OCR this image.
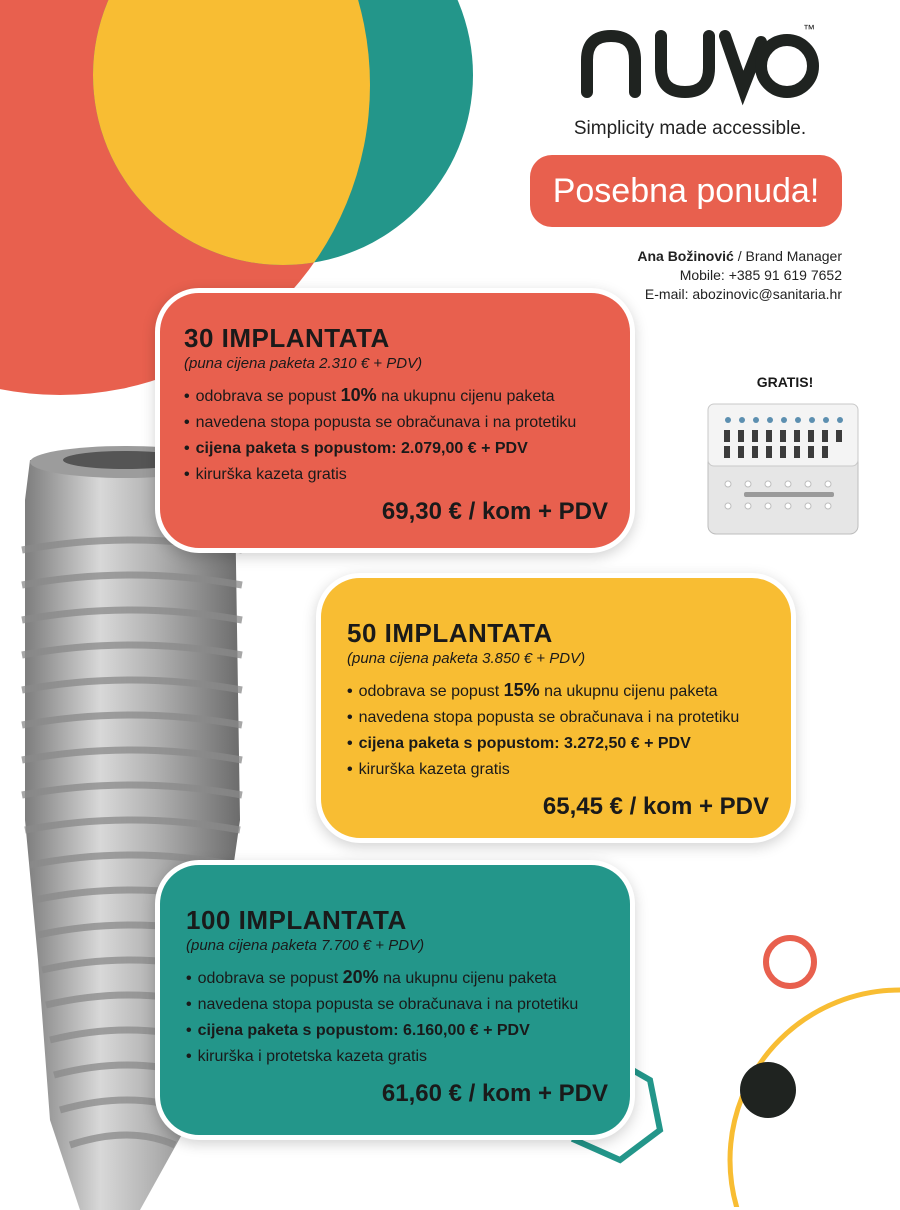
™
Simplicity made accessible.
Posebna ponuda!
Ana Božinović / Brand Manager
Mobile: +385 91 619 7652
E-mail: abozinovic@sanitaria.hr
GRATIS!
30 IMPLANTATA
(puna cijena paketa 2.310 € + PDV)
• odobrava se popust 10% na ukupnu cijenu paketa
• navedena stopa popusta se obračunava i na protetiku
• cijena paketa s popustom: 2.079,00 € + PDV
• kirurška kazeta gratis
69,30 € / kom + PDV
50 IMPLANTATA
(puna cijena paketa 3.850 € + PDV)
• odobrava se popust 15% na ukupnu cijenu paketa
• navedena stopa popusta se obračunava i na protetiku
• cijena paketa s popustom: 3.272,50 € + PDV
• kirurška kazeta gratis
65,45 € / kom + PDV
100 IMPLANTATA
(puna cijena paketa 7.700 € + PDV)
• odobrava se popust 20% na ukupnu cijenu paketa
• navedena stopa popusta se obračunava i na protetiku
• cijena paketa s popustom: 6.160,00 € + PDV
• kirurška i protetska kazeta gratis
61,60 € / kom + PDV
